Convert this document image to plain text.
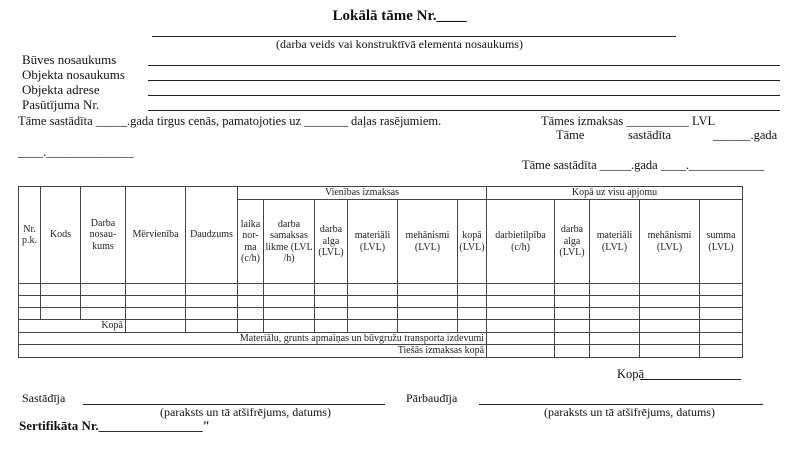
Lokālā tāme Nr.____
(darba veids vai konstruktīvā elementa nosaukums)
Būves nosaukums
Objekta nosaukums
Objekta adrese
Pasūtījuma Nr.
Tāme sastādīta _____.gada tirgus cenās, pamatojoties uz _______ daļas rasējumiem.	Tāmes izmaksas __________ LVL
Tāme	sastādīta	______.gada
____.______________
Tāme sastādīta _____.gada ____.____________
Nr. p.k.	Kods	Darba nosau- kums	Mērvienība	Daudzums	Vienības izmaksas						Kopā uz visu apjomu				
					laika nor- ma (c/h)	darba samaksas likme (LVL /h)	darba alga (LVL)	materiāli (LVL)	mehānismi (LVL)	kopā (LVL)	darbietilpība (c/h)	darba alga (LVL)	materiāli (LVL)	mehānismi (LVL)	summa (LVL)

Kopā															
Materiālu, grunts apmaiņas un būvgružu transporta izdevumi															
Tiešās izmaksas kopā															
Kopā
Sastādīja
(paraksts un tā atšifrējums, datums)
Pārbaudīja
(paraksts un tā atšifrējums, datums)
Sertifikāta Nr.________________"
